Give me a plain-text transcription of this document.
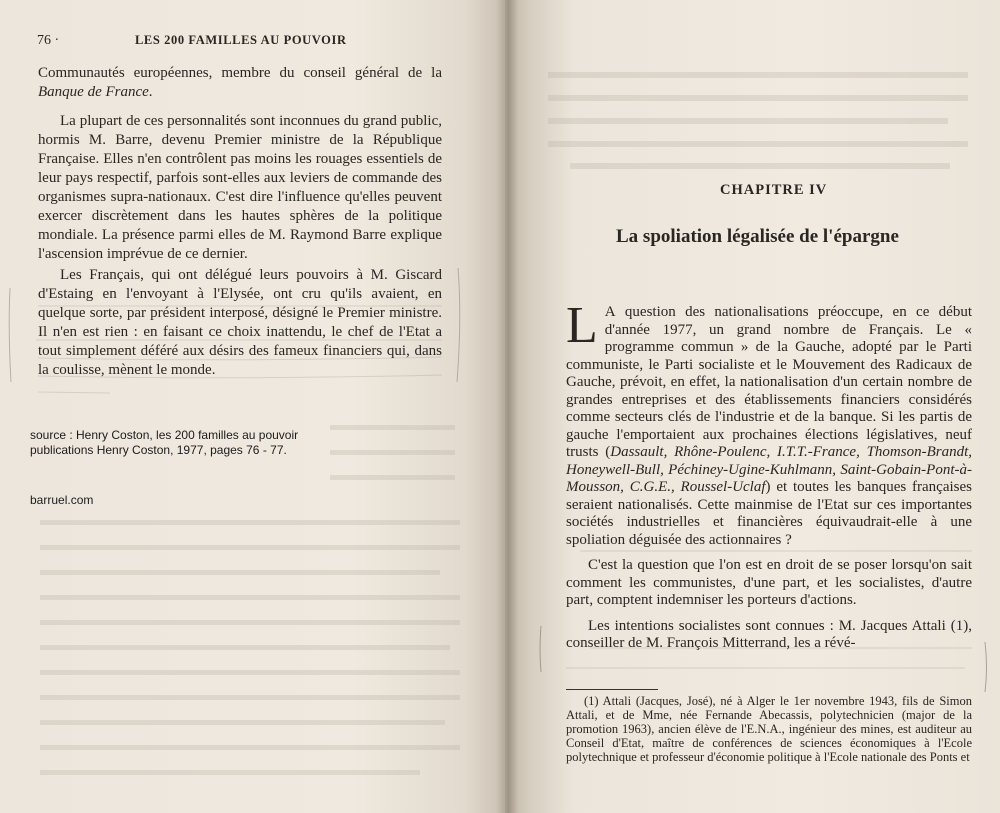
76 ·	LES 200 FAMILLES AU POUVOIR

Communautés européennes, membre du conseil général de la Banque de France.

La plupart de ces personnalités sont inconnues du grand public, hormis M. Barre, devenu Premier ministre de la République Française. Elles n'en contrôlent pas moins les rouages essentiels de leur pays respectif, parfois sont-elles aux leviers de commande des organismes supra-nationaux. C'est dire l'influence qu'elles peuvent exercer discrètement dans les hautes sphères de la politique mondiale. La présence parmi elles de M. Raymond Barre explique l'ascension imprévue de ce dernier.

Les Français, qui ont délégué leurs pouvoirs à M. Giscard d'Estaing en l'envoyant à l'Elysée, ont cru qu'ils avaient, en quelque sorte, par président interposé, désigné le Premier ministre. Il n'en est rien : en faisant ce choix inattendu, le chef de l'Etat a tout simplement déféré aux désirs des fameux financiers qui, dans la coulisse, mènent le monde.

source : Henry Coston, les 200 familles au pouvoir
publications Henry Coston, 1977, pages 76 - 77.
barruel.com
CHAPITRE IV
La spoliation légalisée de l'épargne

L A question des nationalisations préoccupe, en ce début d'année 1977, un grand nombre de Français. Le « programme commun » de la Gauche, adopté par le Parti communiste, le Parti socialiste et le Mouvement des Radicaux de Gauche, prévoit, en effet, la nationalisation d'un certain nombre de grandes entreprises et des établissements financiers considérés comme secteurs clés de l'industrie et de la banque. Si les partis de gauche l'emportaient aux prochaines élections législatives, neuf trusts (Dassault, Rhône-Poulenc, I.T.T.-France, Thomson-Brandt, Honeywell-Bull, Péchiney-Ugine-Kuhlmann, Saint-Gobain-Pont-à-Mousson, C.G.E., Roussel-Uclaf) et toutes les banques françaises seraient nationalisés. Cette mainmise de l'Etat sur ces importantes sociétés industrielles et financières équivaudrait-elle à une spoliation déguisée des actionnaires ?

C'est la question que l'on est en droit de se poser lorsqu'on sait comment les communistes, d'une part, et les socialistes, d'autre part, comptent indemniser les porteurs d'actions.

Les intentions socialistes sont connues : M. Jacques Attali (1), conseiller de M. François Mitterrand, les a révé-

(1) Attali (Jacques, José), né à Alger le 1er novembre 1943, fils de Simon Attali, et de Mme, née Fernande Abecassis, polytechnicien (major de la promotion 1963), ancien élève de l'E.N.A., ingénieur des mines, est auditeur au Conseil d'Etat, maître de conférences de sciences économiques à l'Ecole polytechnique et professeur d'économie politique à l'Ecole nationale des Ponts et
